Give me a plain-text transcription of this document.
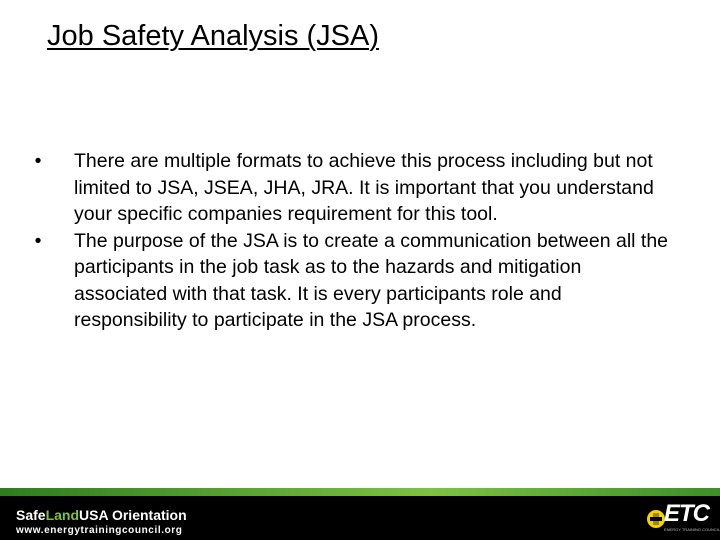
Job Safety Analysis (JSA)
•	There are multiple formats to achieve this process including but not limited to JSA, JSEA, JHA, JRA. It is important that you understand your specific companies requirement for this tool.
•	The purpose of the JSA is to create a communication between all the participants in the job task as to the hazards and mitigation associated with that task. It is every participants role and responsibility to participate in the JSA process.
SafeLandUSA Orientation
www.energytrainingcouncil.org
ETC
ENERGY TRAINING COUNCIL
